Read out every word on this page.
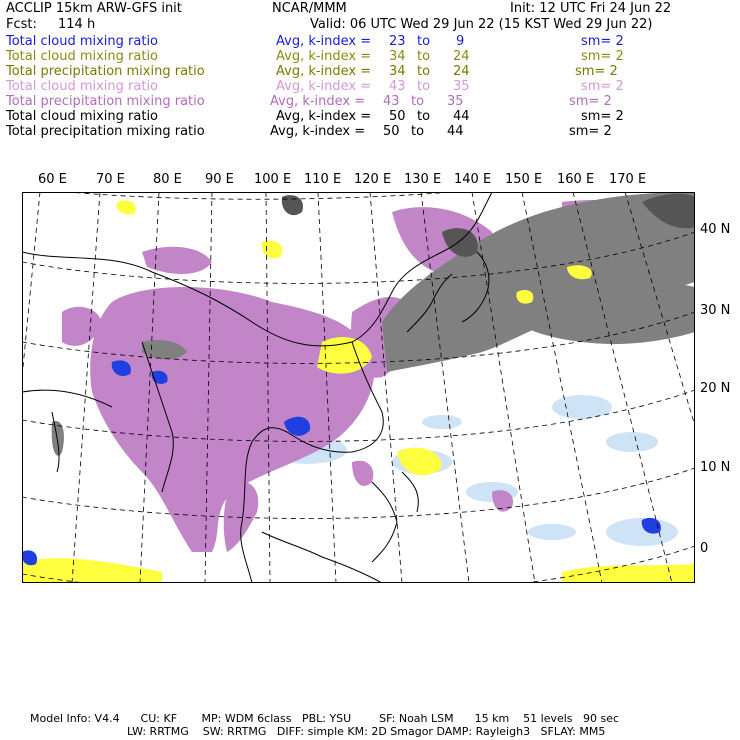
ACCLIP 15km ARW-GFS init	NCAR/MMM	Init: 12 UTC Fri 24 Jun 22
Fcst: 114 h	Valid: 06 UTC Wed 29 Jun 22 (15 KST Wed 29 Jun 22)
Total cloud mixing ratio	Avg, k-index = 23 to 9	sm= 2
Total cloud mixing ratio	Avg, k-index = 34 to 24	sm= 2
Total precipitation mixing ratio	Avg, k-index = 34 to 24	sm= 2
Total cloud mixing ratio	Avg, k-index = 43 to 35	sm= 2
Total precipitation mixing ratio	Avg, k-index = 43 to 35	sm= 2
Total cloud mixing ratio	Avg, k-index = 50 to 44	sm= 2
Total precipitation mixing ratio	Avg, k-index = 50 to 44	sm= 2
60 E 70 E 80 E 90 E 100 E 110 E 120 E 130 E 140 E 150 E 160 E 170 E
40 N
30 N
20 N
10 N
0
Model Info: V4.4      CU: KF       MP: WDM 6class   PBL: YSU        SF: Noah LSM      15 km    51 levels   90 sec
LW: RRTMG    SW: RRTMG   DIFF: simple KM: 2D Smagor DAMP: Rayleigh3   SFLAY: MM5
